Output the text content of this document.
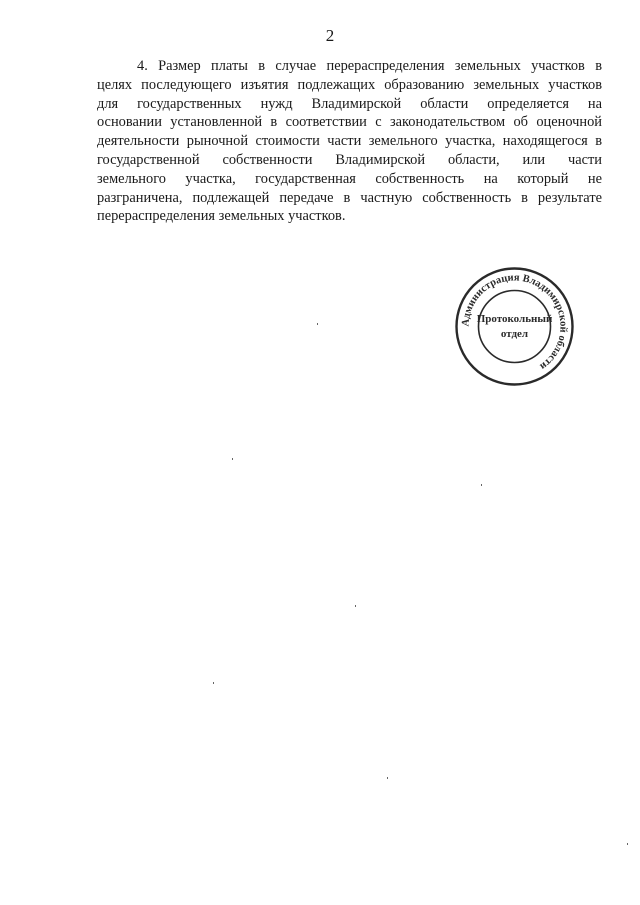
2
4. Размер платы в случае перераспределения земельных участков в
целях последующего изъятия подлежащих образованию земельных участков
для государственных нужд Владимирской области определяется на
основании установленной в соответствии с законодательством об оценочной
деятельности рыночной стоимости части земельного участка, находящегося в
государственной собственности Владимирской области, или части
земельного участка, государственная собственность на который не
разграничена, подлежащей передаче в частную собственность в результате
перераспределения земельных участков.
Администрация Владимирской области
Протокольный
отдел
